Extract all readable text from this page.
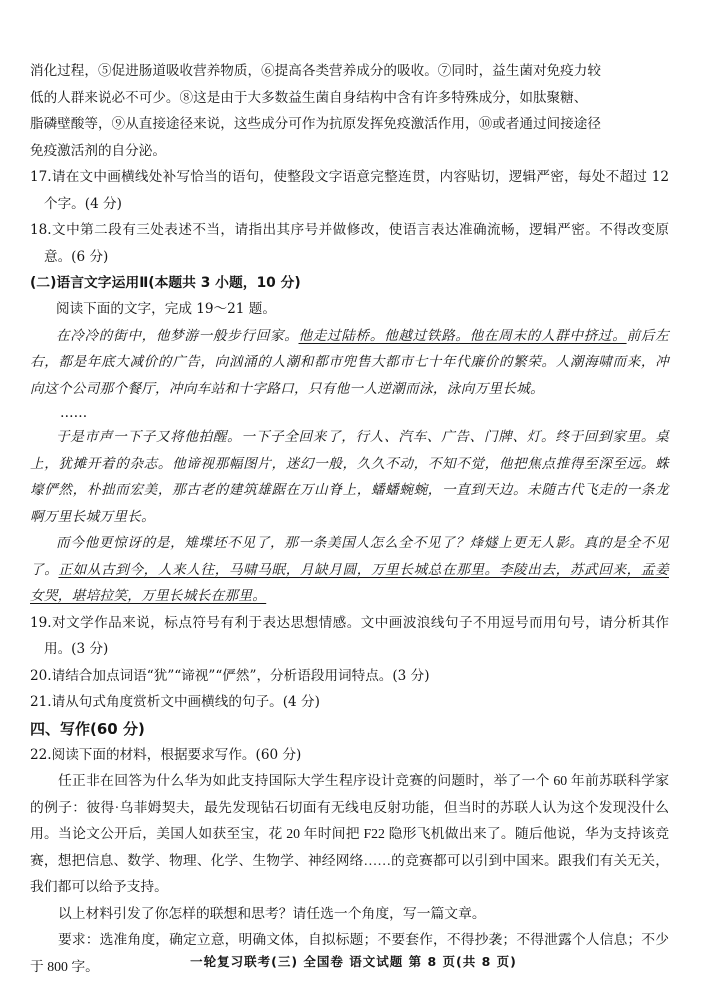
消化过程，⑤促进肠道吸收营养物质，⑥提高各类营养成分的吸收。⑦同时，益生菌对免疫力较

低的人群来说必不可少。⑧这是由于大多数益生菌自身结构中含有许多特殊成分，如肽聚糖、

脂磷壁酸等，⑨从直接途径来说，这些成分可作为抗原发挥免疫激活作用，⑩或者通过间接途径

免疫激活剂的自分泌。

17.请在文中画横线处补写恰当的语句，使整段文字语意完整连贯，内容贴切，逻辑严密，每处不超过 12 个字。(4 分)

18.文中第二段有三处表述不当，请指出其序号并做修改，使语言表达准确流畅，逻辑严密。不得改变原意。(6 分)

(二)语言文字运用Ⅱ(本题共 3 小题，10 分)

阅读下面的文字，完成 19～21 题。

在冷冷的街中，他梦游一般步行回家。他走过陆桥。他越过铁路。他在周末的人群中挤过。前后左右，都是年底大减价的广告，向汹涌的人潮和都市兜售大都市七十年代廉价的繁荣。人潮海啸而来，冲向这个公司那个餐厅，冲向车站和十字路口，只有他一人逆潮而泳，泳向万里长城。

……

于是市声一下子又将他拍醒。一下子全回来了，行人、汽车、广告、门牌、灯。终于回到家里。桌上，犹摊开着的杂志。他谛视那幅图片，迷幻一般，久久不动，不知不觉，他把焦点推得至深至远。蛛壕俨然，朴拙而宏美，那古老的建筑雄踞在万山脊上，蟠蟠蜿蜿，一直到天边。未随古代飞走的一条龙啊万里长城万里长。

而今他更惊讶的是，雉堞坯不见了，那一条美国人怎么全不见了？烽燧上更无人影。真的是全不见了。正如从古到今，人来人往，马啸马眠，月缺月圆，万里长城总在那里。李陵出去，苏武回来，孟姜女哭，堪培拉笑，万里长城长在那里。

19.对文学作品来说，标点符号有利于表达思想情感。文中画波浪线句子不用逗号而用句号，请分析其作用。(3 分)

20.请结合加点词语“犹”“谛视”“俨然”，分析语段用词特点。(3 分)

21.请从句式角度赏析文中画横线的句子。(4 分)

四、写作(60 分)

22.阅读下面的材料，根据要求写作。(60 分)

任正非在回答为什么华为如此支持国际大学生程序设计竞赛的问题时，举了一个 60 年前苏联科学家的例子：彼得·乌菲姆契夫，最先发现钻石切面有无线电反射功能，但当时的苏联人认为这个发现没什么用。当论文公开后，美国人如获至宝，花 20 年时间把 F22 隐形飞机做出来了。随后他说，华为支持该竞赛，想把信息、数学、物理、化学、生物学、神经网络……的竞赛都可以引到中国来。跟我们有关无关，我们都可以给予支持。

以上材料引发了你怎样的联想和思考？请任选一个角度，写一篇文章。

要求：选准角度，确定立意，明确文体，自拟标题；不要套作，不得抄袭；不得泄露个人信息；不少于 800 字。	一轮复习联考(三) 全国卷 语文试题 第 8 页(共 8 页)
